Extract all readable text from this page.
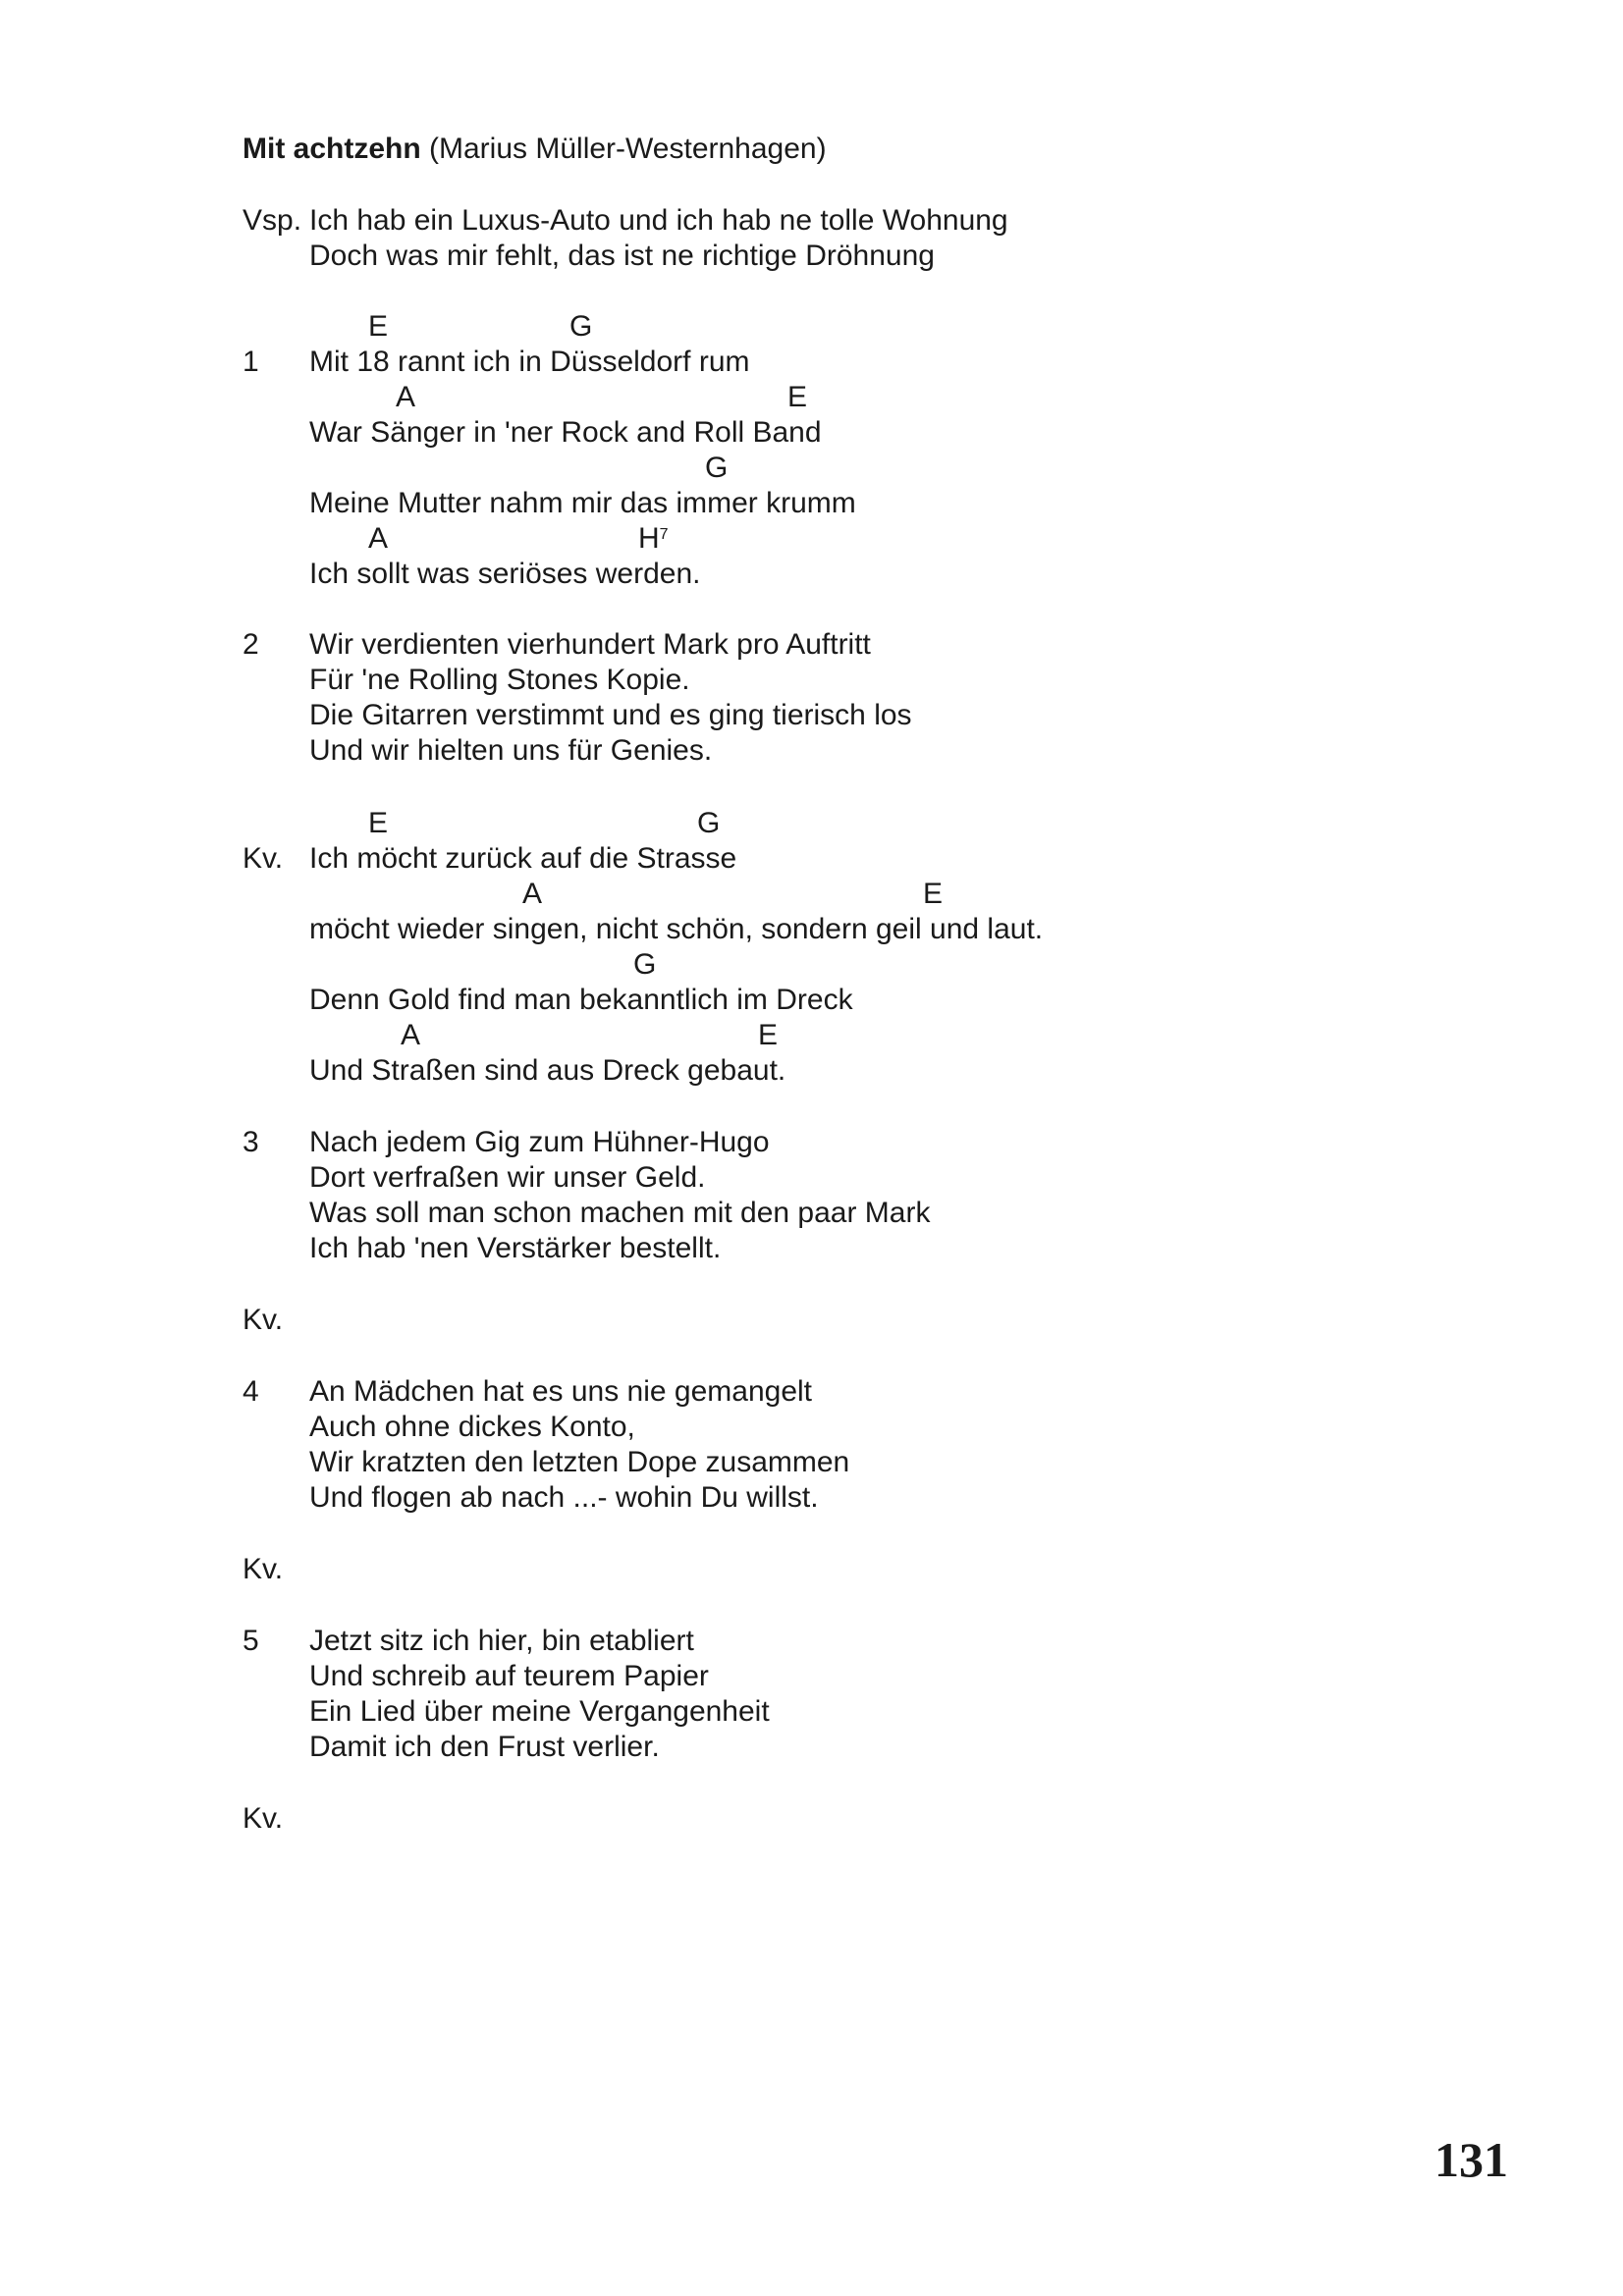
Mit achtzehn (Marius Müller-Westernhagen)
Vsp. Ich hab ein Luxus-Auto und ich hab ne tolle Wohnung
Doch was mir fehlt, das ist ne richtige Dröhnung
E	G
1 Mit 18 rannt ich in Düsseldorf rum
A	E
War Sänger in 'ner Rock and Roll Band
G
Meine Mutter nahm mir das immer krumm
A	$H^7$
Ich sollt was seriöses werden.
2 Wir verdienten vierhundert Mark pro Auftritt
Für 'ne Rolling Stones Kopie.
Die Gitarren verstimmt und es ging tierisch los
Und wir hielten uns für Genies.
E	G
Kv. Ich möcht zurück auf die Strasse
A	E
möcht wieder singen, nicht schön, sondern geil und laut.
G
Denn Gold find man bekanntlich im Dreck
A	E
Und Straßen sind aus Dreck gebaut.
3 Nach jedem Gig zum Hühner-Hugo
Dort verfraßen wir unser Geld.
Was soll man schon machen mit den paar Mark
Ich hab 'nen Verstärker bestellt.
Kv.
4 An Mädchen hat es uns nie gemangelt
Auch ohne dickes Konto,
Wir kratzten den letzten Dope zusammen
Und flogen ab nach ...- wohin Du willst.
Kv.
5 Jetzt sitz ich hier, bin etabliert
Und schreib auf teurem Papier
Ein Lied über meine Vergangenheit
Damit ich den Frust verlier.
Kv.
131
